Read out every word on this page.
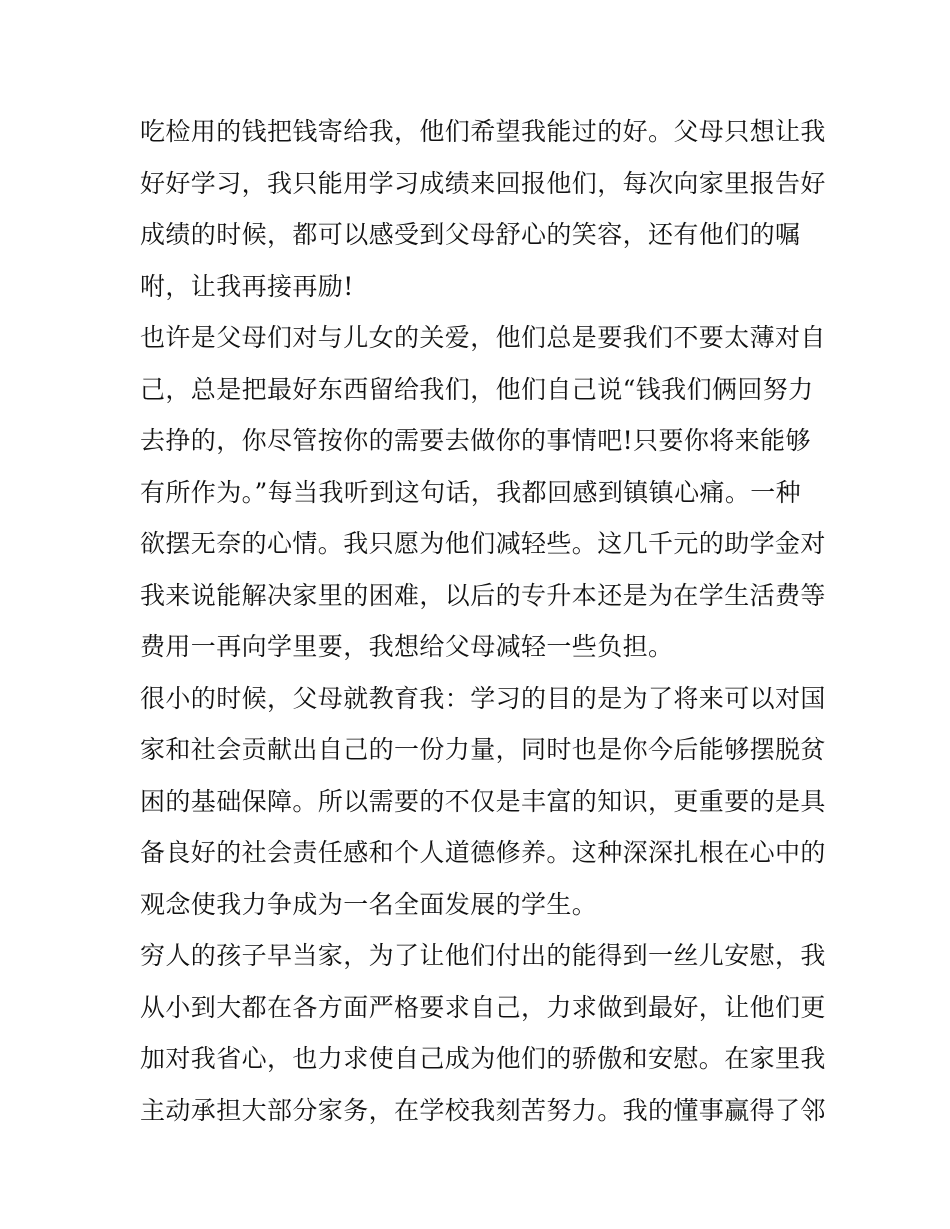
吃检用的钱把钱寄给我，他们希望我能过的好。父母只想让我
好好学习，我只能用学习成绩来回报他们，每次向家里报告好
成绩的时候，都可以感受到父母舒心的笑容，还有他们的嘱
咐，让我再接再励!
也许是父母们对与儿女的关爱，他们总是要我们不要太薄对自
己，总是把最好东西留给我们，他们自己说“钱我们俩回努力
去挣的，你尽管按你的需要去做你的事情吧!只要你将来能够
有所作为。”每当我听到这句话，我都回感到镇镇心痛。一种
欲摆无奈的心情。我只愿为他们减轻些。这几千元的助学金对
我来说能解决家里的困难，以后的专升本还是为在学生活费等
费用一再向学里要，我想给父母减轻一些负担。
很小的时候，父母就教育我：学习的目的是为了将来可以对国
家和社会贡献出自己的一份力量，同时也是你今后能够摆脱贫
困的基础保障。所以需要的不仅是丰富的知识，更重要的是具
备良好的社会责任感和个人道德修养。这种深深扎根在心中的
观念使我力争成为一名全面发展的学生。
穷人的孩子早当家，为了让他们付出的能得到一丝儿安慰，我
从小到大都在各方面严格要求自己，力求做到最好，让他们更
加对我省心，也力求使自己成为他们的骄傲和安慰。在家里我
主动承担大部分家务，在学校我刻苦努力。我的懂事赢得了邻
